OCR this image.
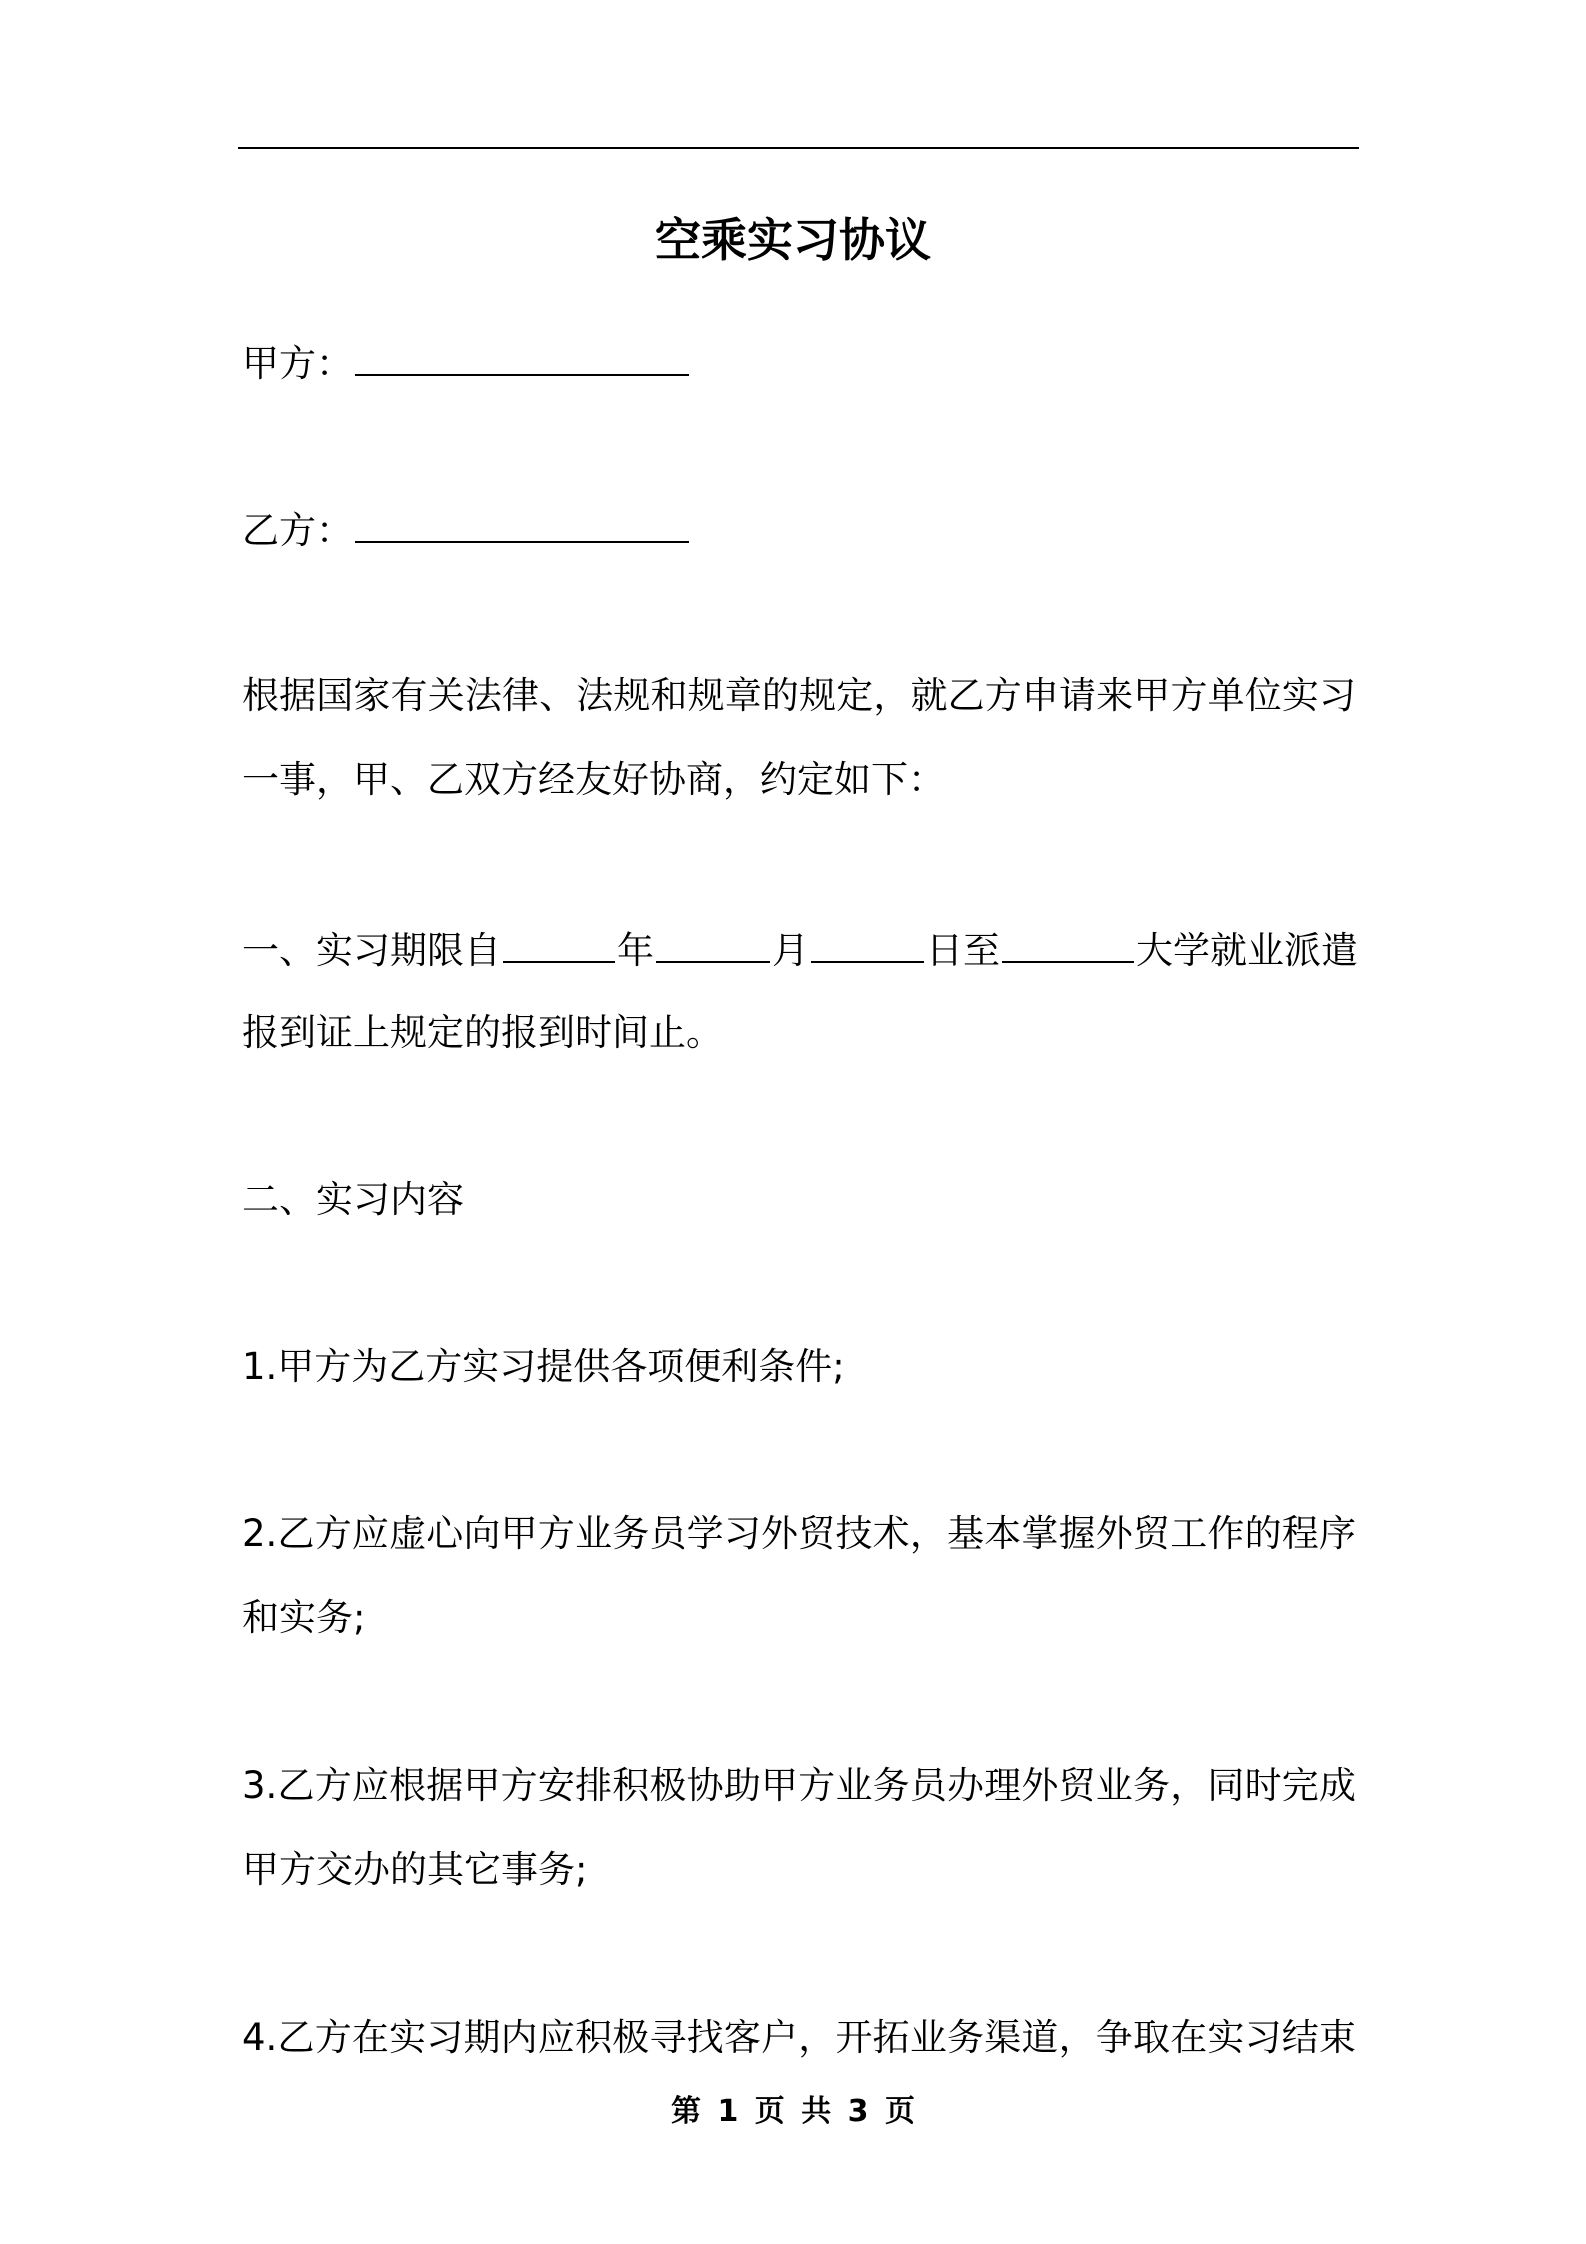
空乘实习协议

甲方：

乙方：

根据国家有关法律、法规和规章的规定，就乙方申请来甲方单位实习

一事，甲、乙双方经友好协商，约定如下：

一、实习期限自	年	月	日至	大学就业派遣

报到证上规定的报到时间止。

二、实习内容

1.甲方为乙方实习提供各项便利条件;

2.乙方应虚心向甲方业务员学习外贸技术，基本掌握外贸工作的程序

和实务;

3.乙方应根据甲方安排积极协助甲方业务员办理外贸业务，同时完成

甲方交办的其它事务;

4.乙方在实习期内应积极寻找客户，开拓业务渠道，争取在实习结束

第 1 页 共 3 页
